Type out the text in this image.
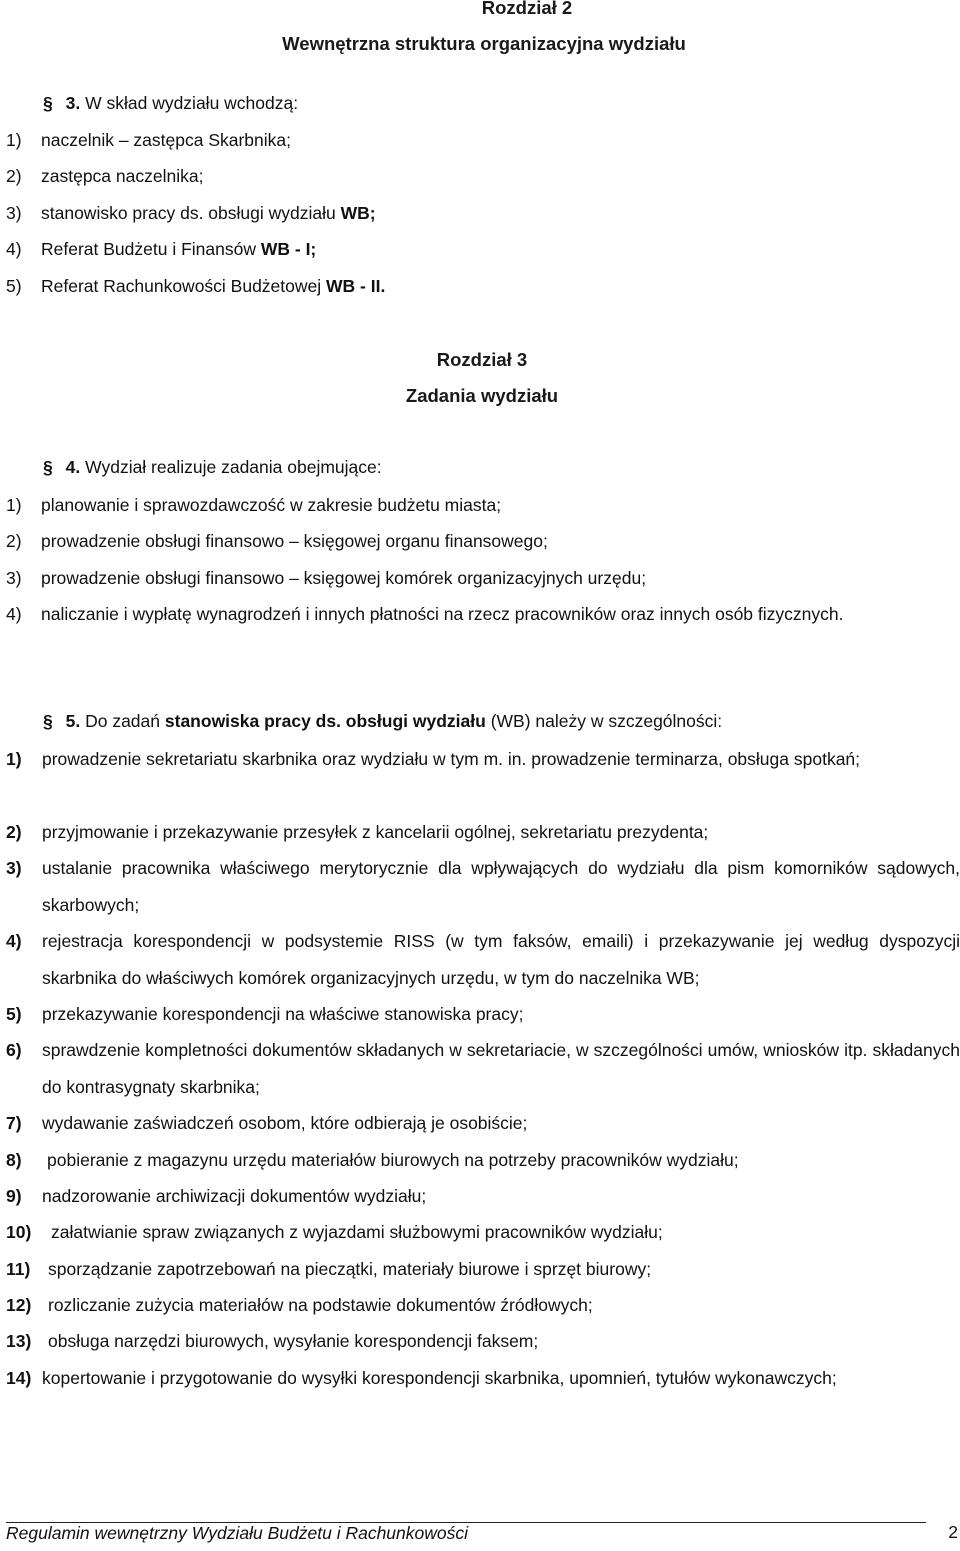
Rozdział 2
Wewnętrzna struktura organizacyjna wydziału
§ 3. W skład wydziału wchodzą:
1) naczelnik – zastępca Skarbnika;
2) zastępca naczelnika;
3) stanowisko pracy ds. obsługi wydziału WB;
4) Referat Budżetu i Finansów WB - I;
5) Referat Rachunkowości Budżetowej WB - II.
Rozdział 3
Zadania wydziału
§ 4. Wydział realizuje zadania obejmujące:
1) planowanie i sprawozdawczość w zakresie budżetu miasta;
2) prowadzenie obsługi finansowo – księgowej organu finansowego;
3) prowadzenie obsługi finansowo – księgowej komórek organizacyjnych urzędu;
4) naliczanie i wypłatę wynagrodzeń i innych płatności na rzecz pracowników oraz innych osób fizycznych.
§ 5. Do zadań stanowiska pracy ds. obsługi wydziału (WB) należy w szczególności:
1) prowadzenie sekretariatu skarbnika oraz wydziału w tym m. in. prowadzenie terminarza, obsługa spotkań;
2) przyjmowanie i przekazywanie przesyłek z kancelarii ogólnej, sekretariatu prezydenta;
3) ustalanie pracownika właściwego merytorycznie dla wpływających do wydziału dla pism komorników sądowych, skarbowych;
4) rejestracja korespondencji w podsystemie RISS (w tym faksów, emaili) i przekazywanie jej według dyspozycji skarbnika do właściwych komórek organizacyjnych urzędu, w tym do naczelnika WB;
5) przekazywanie korespondencji na właściwe stanowiska pracy;
6) sprawdzenie kompletności dokumentów składanych w sekretariacie, w szczególności umów, wniosków itp. składanych do kontrasygnaty skarbnika;
7) wydawanie zaświadczeń osobom, które odbierają je osobiście;
8) pobieranie z magazynu urzędu materiałów biurowych na potrzeby pracowników wydziału;
9) nadzorowanie archiwizacji dokumentów wydziału;
10) załatwianie spraw związanych z wyjazdami służbowymi pracowników wydziału;
11) sporządzanie zapotrzebowań na pieczątki, materiały biurowe i sprzęt biurowy;
12) rozliczanie zużycia materiałów na podstawie dokumentów źródłowych;
13) obsługa narzędzi biurowych, wysyłanie korespondencji faksem;
14) kopertowanie i przygotowanie do wysyłki korespondencji skarbnika, upomnień, tytułów wykonawczych;
Regulamin wewnętrzny Wydziału Budżetu i Rachunkowości	2
